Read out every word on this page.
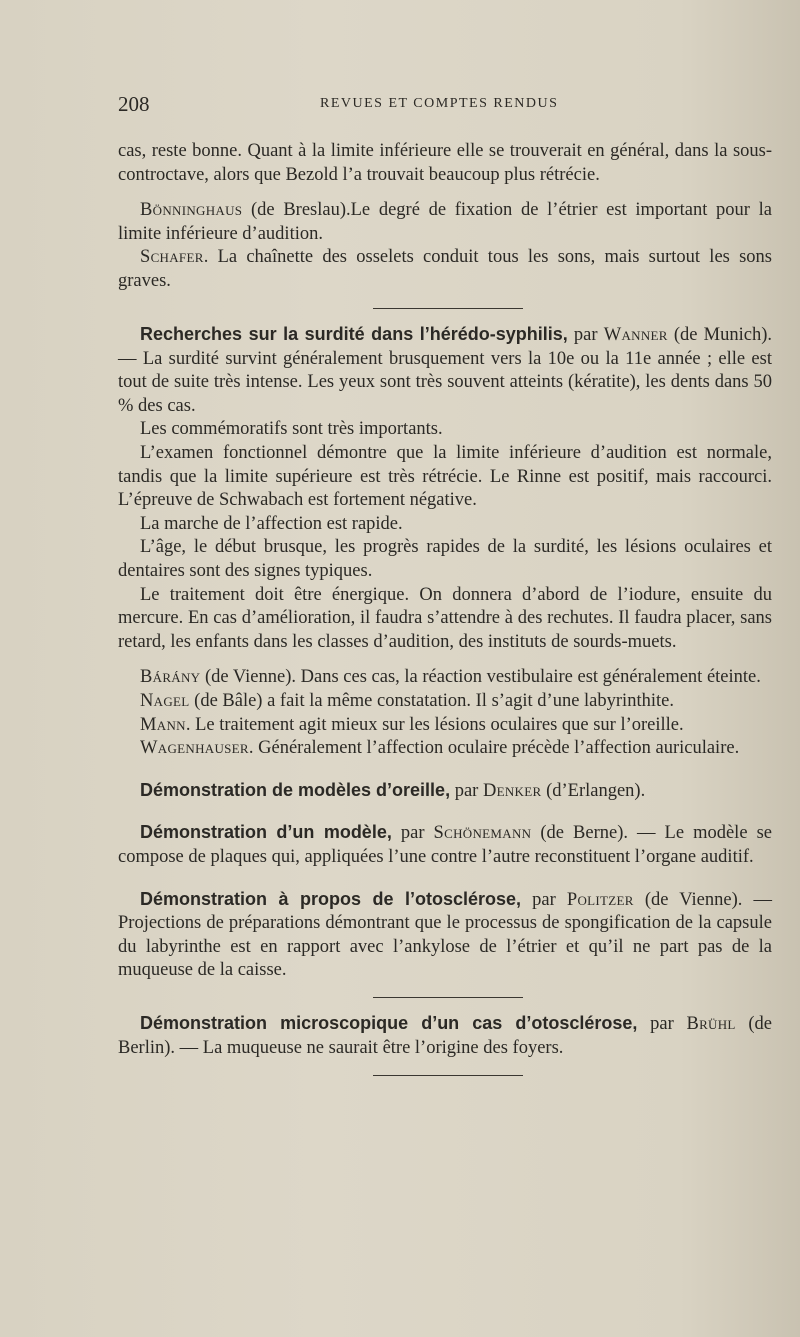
208	REVUES ET COMPTES RENDUS

cas, reste bonne. Quant à la limite inférieure elle se trouverait en général, dans la sous-controctave, alors que Bezold l’a trouvait beaucoup plus rétrécie.

Bönninghaus (de Breslau).Le degré de fixation de l’étrier est important pour la limite inférieure d’audition.

Schafer. La chaînette des osselets conduit tous les sons, mais surtout les sons graves.

Recherches sur la surdité dans l’hérédo-syphilis, par Wanner (de Munich). — La surdité survint généralement brusquement vers la 10e ou la 11e année ; elle est tout de suite très intense. Les yeux sont très souvent atteints (kératite), les dents dans 50 % des cas.

Les commémoratifs sont très importants.

L’examen fonctionnel démontre que la limite inférieure d’audition est normale, tandis que la limite supérieure est très rétrécie. Le Rinne est positif, mais raccourci. L’épreuve de Schwabach est fortement négative.

La marche de l’affection est rapide.

L’âge, le début brusque, les progrès rapides de la surdité, les lésions oculaires et dentaires sont des signes typiques.

Le traitement doit être énergique. On donnera d’abord de l’iodure, ensuite du mercure. En cas d’amélioration, il faudra s’attendre à des rechutes. Il faudra placer, sans retard, les enfants dans les classes d’audition, des instituts de sourds-muets.

Bárány (de Vienne). Dans ces cas, la réaction vestibulaire est généralement éteinte.

Nagel (de Bâle) a fait la même constatation. Il s’agit d’une labyrinthite.

Mann. Le traitement agit mieux sur les lésions oculaires que sur l’oreille.

Wagenhauser. Généralement l’affection oculaire précède l’affection auriculaire.

Démonstration de modèles d’oreille, par Denker (d’Erlangen).

Démonstration d’un modèle, par Schönemann (de Berne). — Le modèle se compose de plaques qui, appliquées l’une contre l’autre reconstituent l’organe auditif.

Démonstration à propos de l’otosclérose, par Politzer (de Vienne). — Projections de préparations démontrant que le processus de spongification de la capsule du labyrinthe est en rapport avec l’ankylose de l’étrier et qu’il ne part pas de la muqueuse de la caisse.

Démonstration microscopique d’un cas d’otosclérose, par Brühl (de Berlin). — La muqueuse ne saurait être l’origine des foyers.
